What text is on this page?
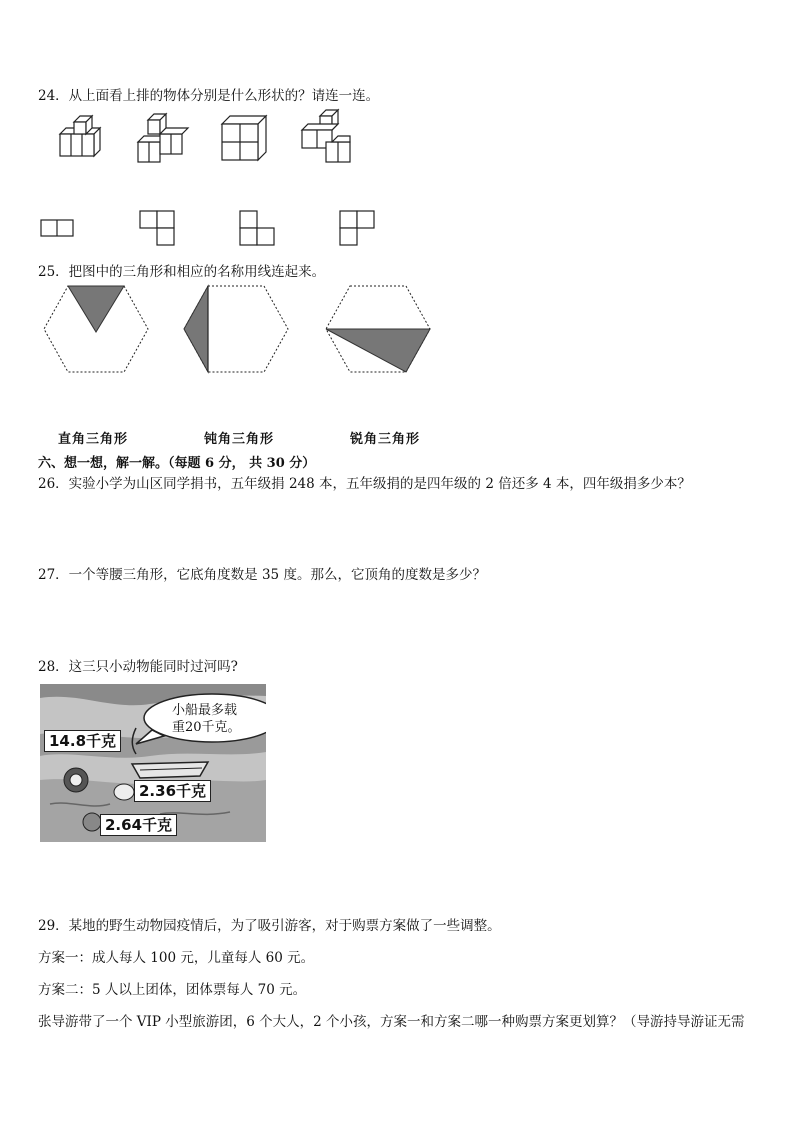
24．从上面看上排的物体分别是什么形状的？请连一连。
25．把图中的三角形和相应的名称用线连起来。
直角三角形	钝角三角形	锐角三角形
六、想一想，解一解。（每题 6 分， 共 30 分）
26．实验小学为山区同学捐书，五年级捐 248 本，五年级捐的是四年级的 2 倍还多 4 本，四年级捐多少本？
27．一个等腰三角形，它底角度数是 35 度。那么，它顶角的度数是多少？
28．这三只小动物能同时过河吗?
小船最多载
重20千克。
14.8千克
2.36千克
2.64千克
29．某地的野生动物园疫情后，为了吸引游客，对于购票方案做了一些调整。
方案一：成人每人 100 元，儿童每人 60 元。
方案二：5 人以上团体，团体票每人 70 元。
张导游带了一个 VIP 小型旅游团，6 个大人，2 个小孩，方案一和方案二哪一种购票方案更划算？（导游持导游证无需
